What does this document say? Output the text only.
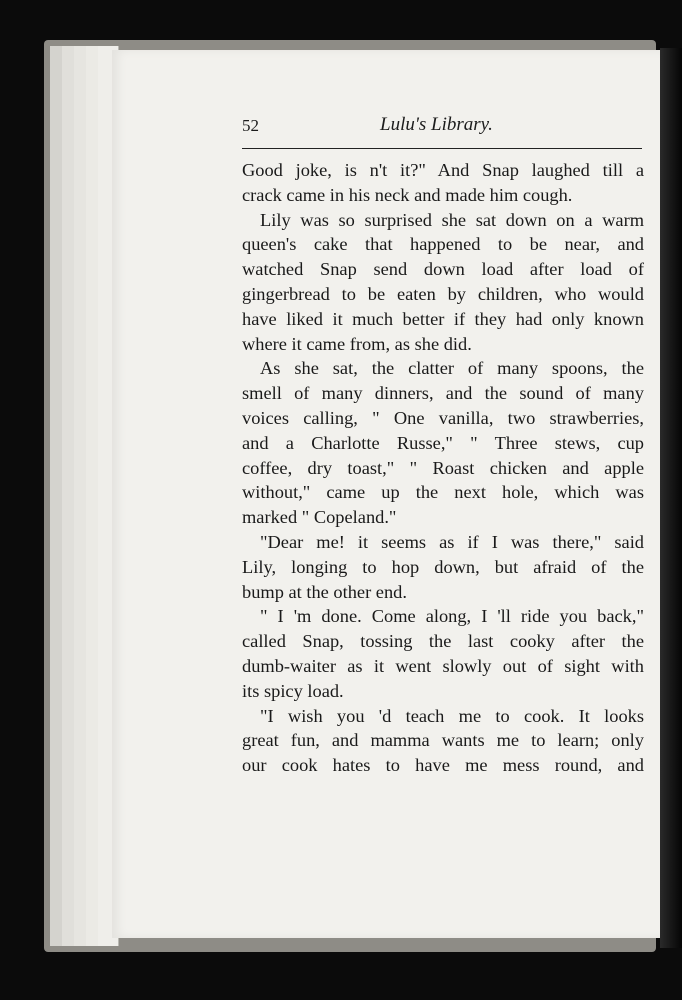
52	Lulu's Library.
Good joke, is n't it?" And Snap laughed till a
crack came in his neck and made him cough.
Lily was so surprised she sat down on a warm
queen's cake that happened to be near, and
watched Snap send down load after load of
gingerbread to be eaten by children, who would
have liked it much better if they had only known
where it came from, as she did.
As she sat, the clatter of many spoons, the
smell of many dinners, and the sound of many
voices calling, " One vanilla, two strawberries,
and a Charlotte Russe," " Three stews, cup
coffee, dry toast," " Roast chicken and apple
without," came up the next hole, which was
marked " Copeland."
"Dear me! it seems as if I was there," said
Lily, longing to hop down, but afraid of the
bump at the other end.
" I 'm done. Come along, I 'll ride you back,"
called Snap, tossing the last cooky after the
dumb-waiter as it went slowly out of sight with
its spicy load.
"I wish you 'd teach me to cook. It looks
great fun, and mamma wants me to learn; only
our cook hates to have me mess round, and
